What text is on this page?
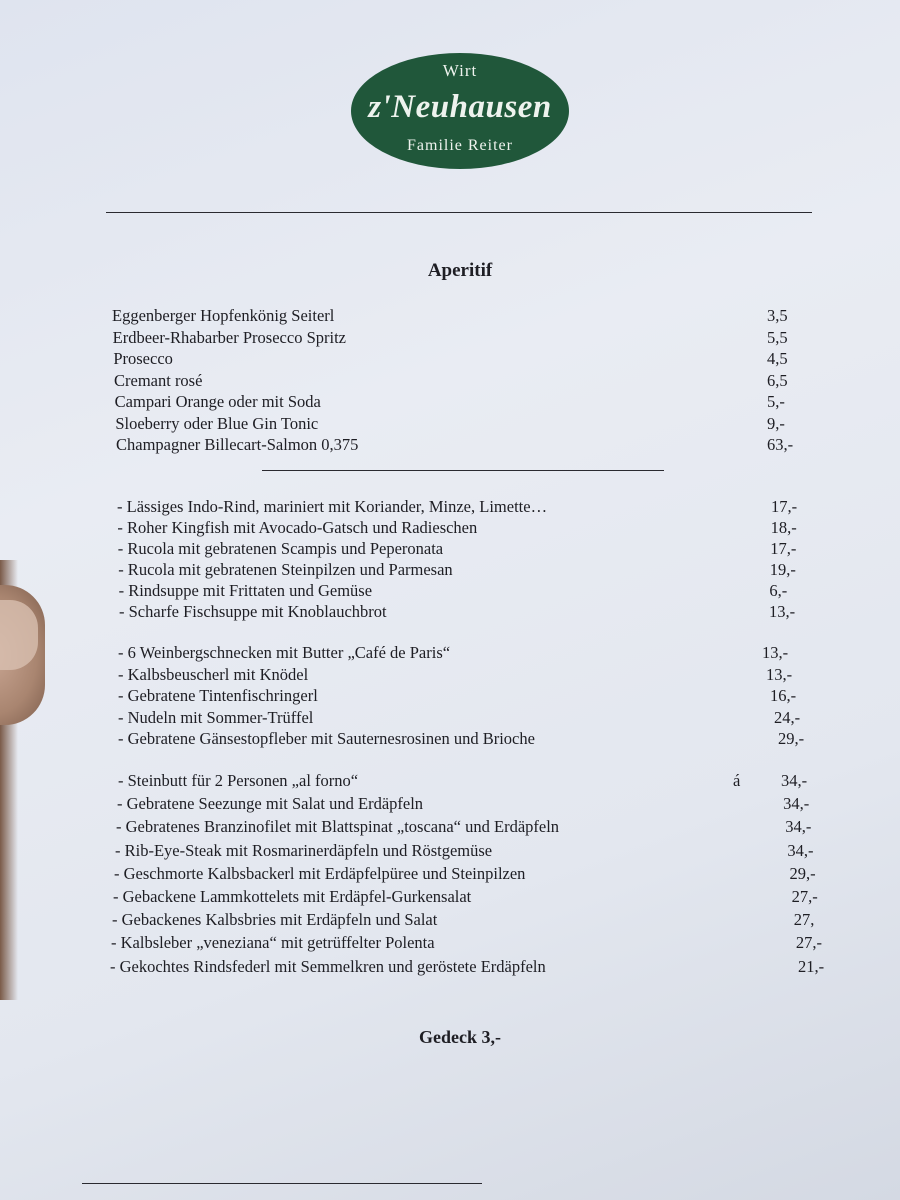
Wirt
z'Neuhausen
Familie Reiter
Aperitif
Eggenberger Hopfenkönig Seiterl	3,5
Erdbeer-Rhabarber Prosecco Spritz	5,5
Prosecco	4,5
Cremant rosé	6,5
Campari Orange oder mit Soda	5,-
Sloeberry oder Blue Gin Tonic	9,-
Champagner Billecart-Salmon 0,375	63,-
- Lässiges Indo-Rind, mariniert mit Koriander, Minze, Limette…	17,-
- Roher Kingfish mit Avocado-Gatsch und Radieschen	18,-
- Rucola mit gebratenen Scampis und Peperonata	17,-
- Rucola mit gebratenen Steinpilzen und Parmesan	19,-
- Rindsuppe mit Frittaten und Gemüse	6,-
- Scharfe Fischsuppe mit Knoblauchbrot	13,-
- 6 Weinbergschnecken mit Butter „Café de Paris“	13,-
- Kalbsbeuscherl mit Knödel	13,-
- Gebratene Tintenfischringerl	16,-
- Nudeln mit Sommer-Trüffel	24,-
- Gebratene Gänsestopfleber mit Sauternesrosinen und Brioche	29,-
- Steinbutt für 2 Personen „al forno“	34,-
á
- Gebratene Seezunge mit Salat und Erdäpfeln	34,-
- Gebratenes Branzinofilet mit Blattspinat „toscana“ und Erdäpfeln	34,-
- Rib-Eye-Steak mit Rosmarinerdäpfeln und Röstgemüse	34,-
- Geschmorte Kalbsbackerl mit Erdäpfelpüree und Steinpilzen	29,-
- Gebackene Lammkottelets mit Erdäpfel-Gurkensalat	27,-
- Gebackenes Kalbsbries mit Erdäpfeln und Salat	27,
- Kalbsleber „veneziana“ mit getrüffelter Polenta	27,-
- Gekochtes Rindsfederl mit Semmelkren und geröstete Erdäpfeln	21,-
Gedeck 3,-
